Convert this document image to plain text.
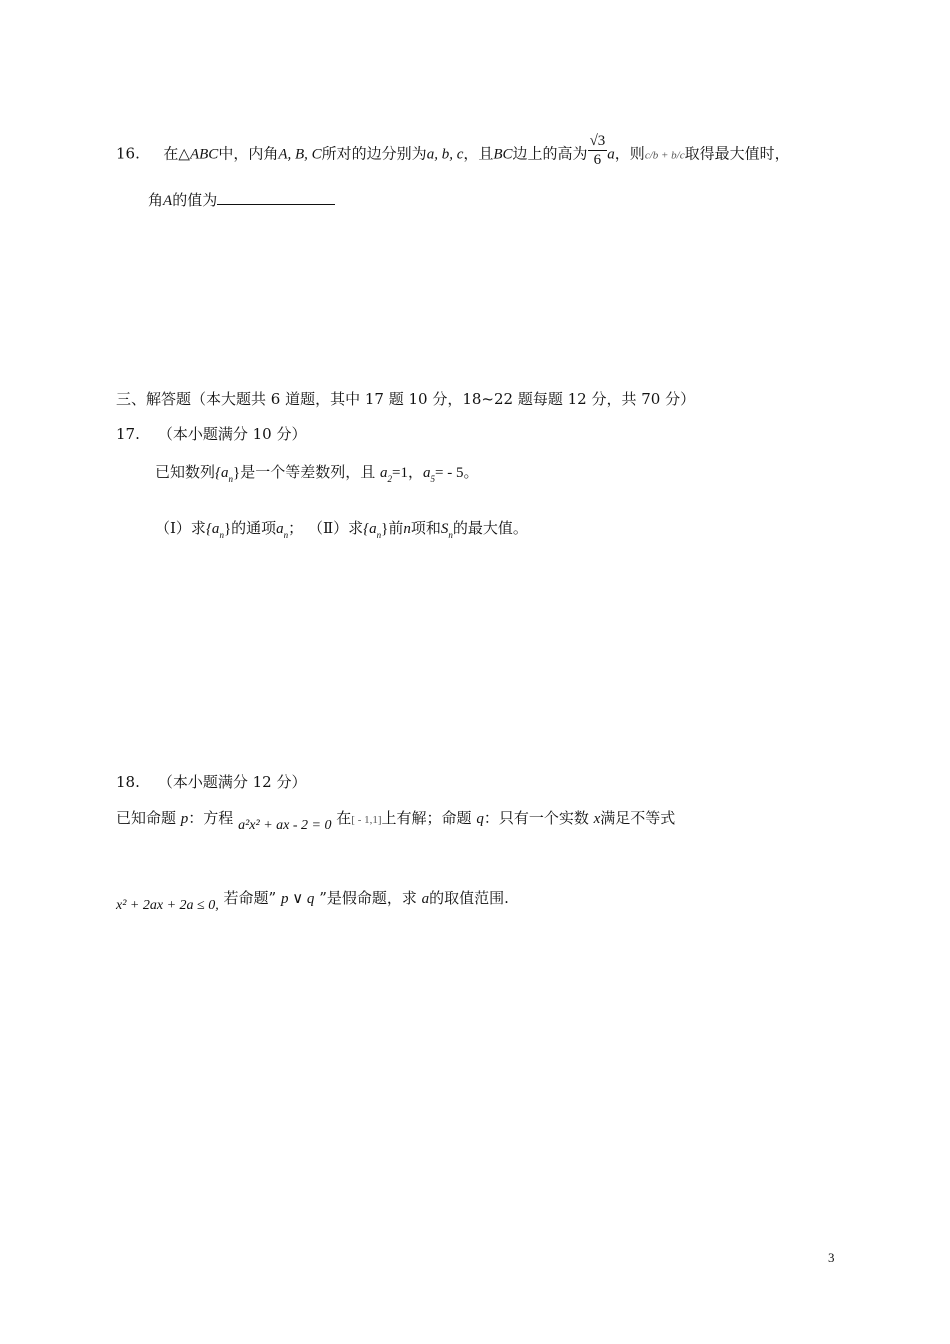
16. 在△ABC中，内角A, B, C所对的边分别为a, b, c，且BC边上的高为 $\frac{√3}{6}$ a，则c/b + b/c取得最大值时，
角A的值为
三、解答题（本大题共 6 道题，其中 17 题 10 分，18~22 题每题 12 分，共 70 分）
17. （本小题满分 10 分）
已知数列$\{a_n\}$是一个等差数列，且 $a_2=1$，$a_5= - 5$。
（Ⅰ）求$\{a_n\}$的通项$a_n$； （Ⅱ）求$\{a_n\}$前n项和$S_n$的最大值。
18. （本小题满分 12 分）
已知命题 p：方程 a²x² + ax - 2 = 0 在[ - 1,1]上有解；命题 q：只有一个实数 x满足不等式
x² + 2ax + 2a ≤ 0, 若命题” p ∨ q ”是假命题，求 a的取值范围.
3
